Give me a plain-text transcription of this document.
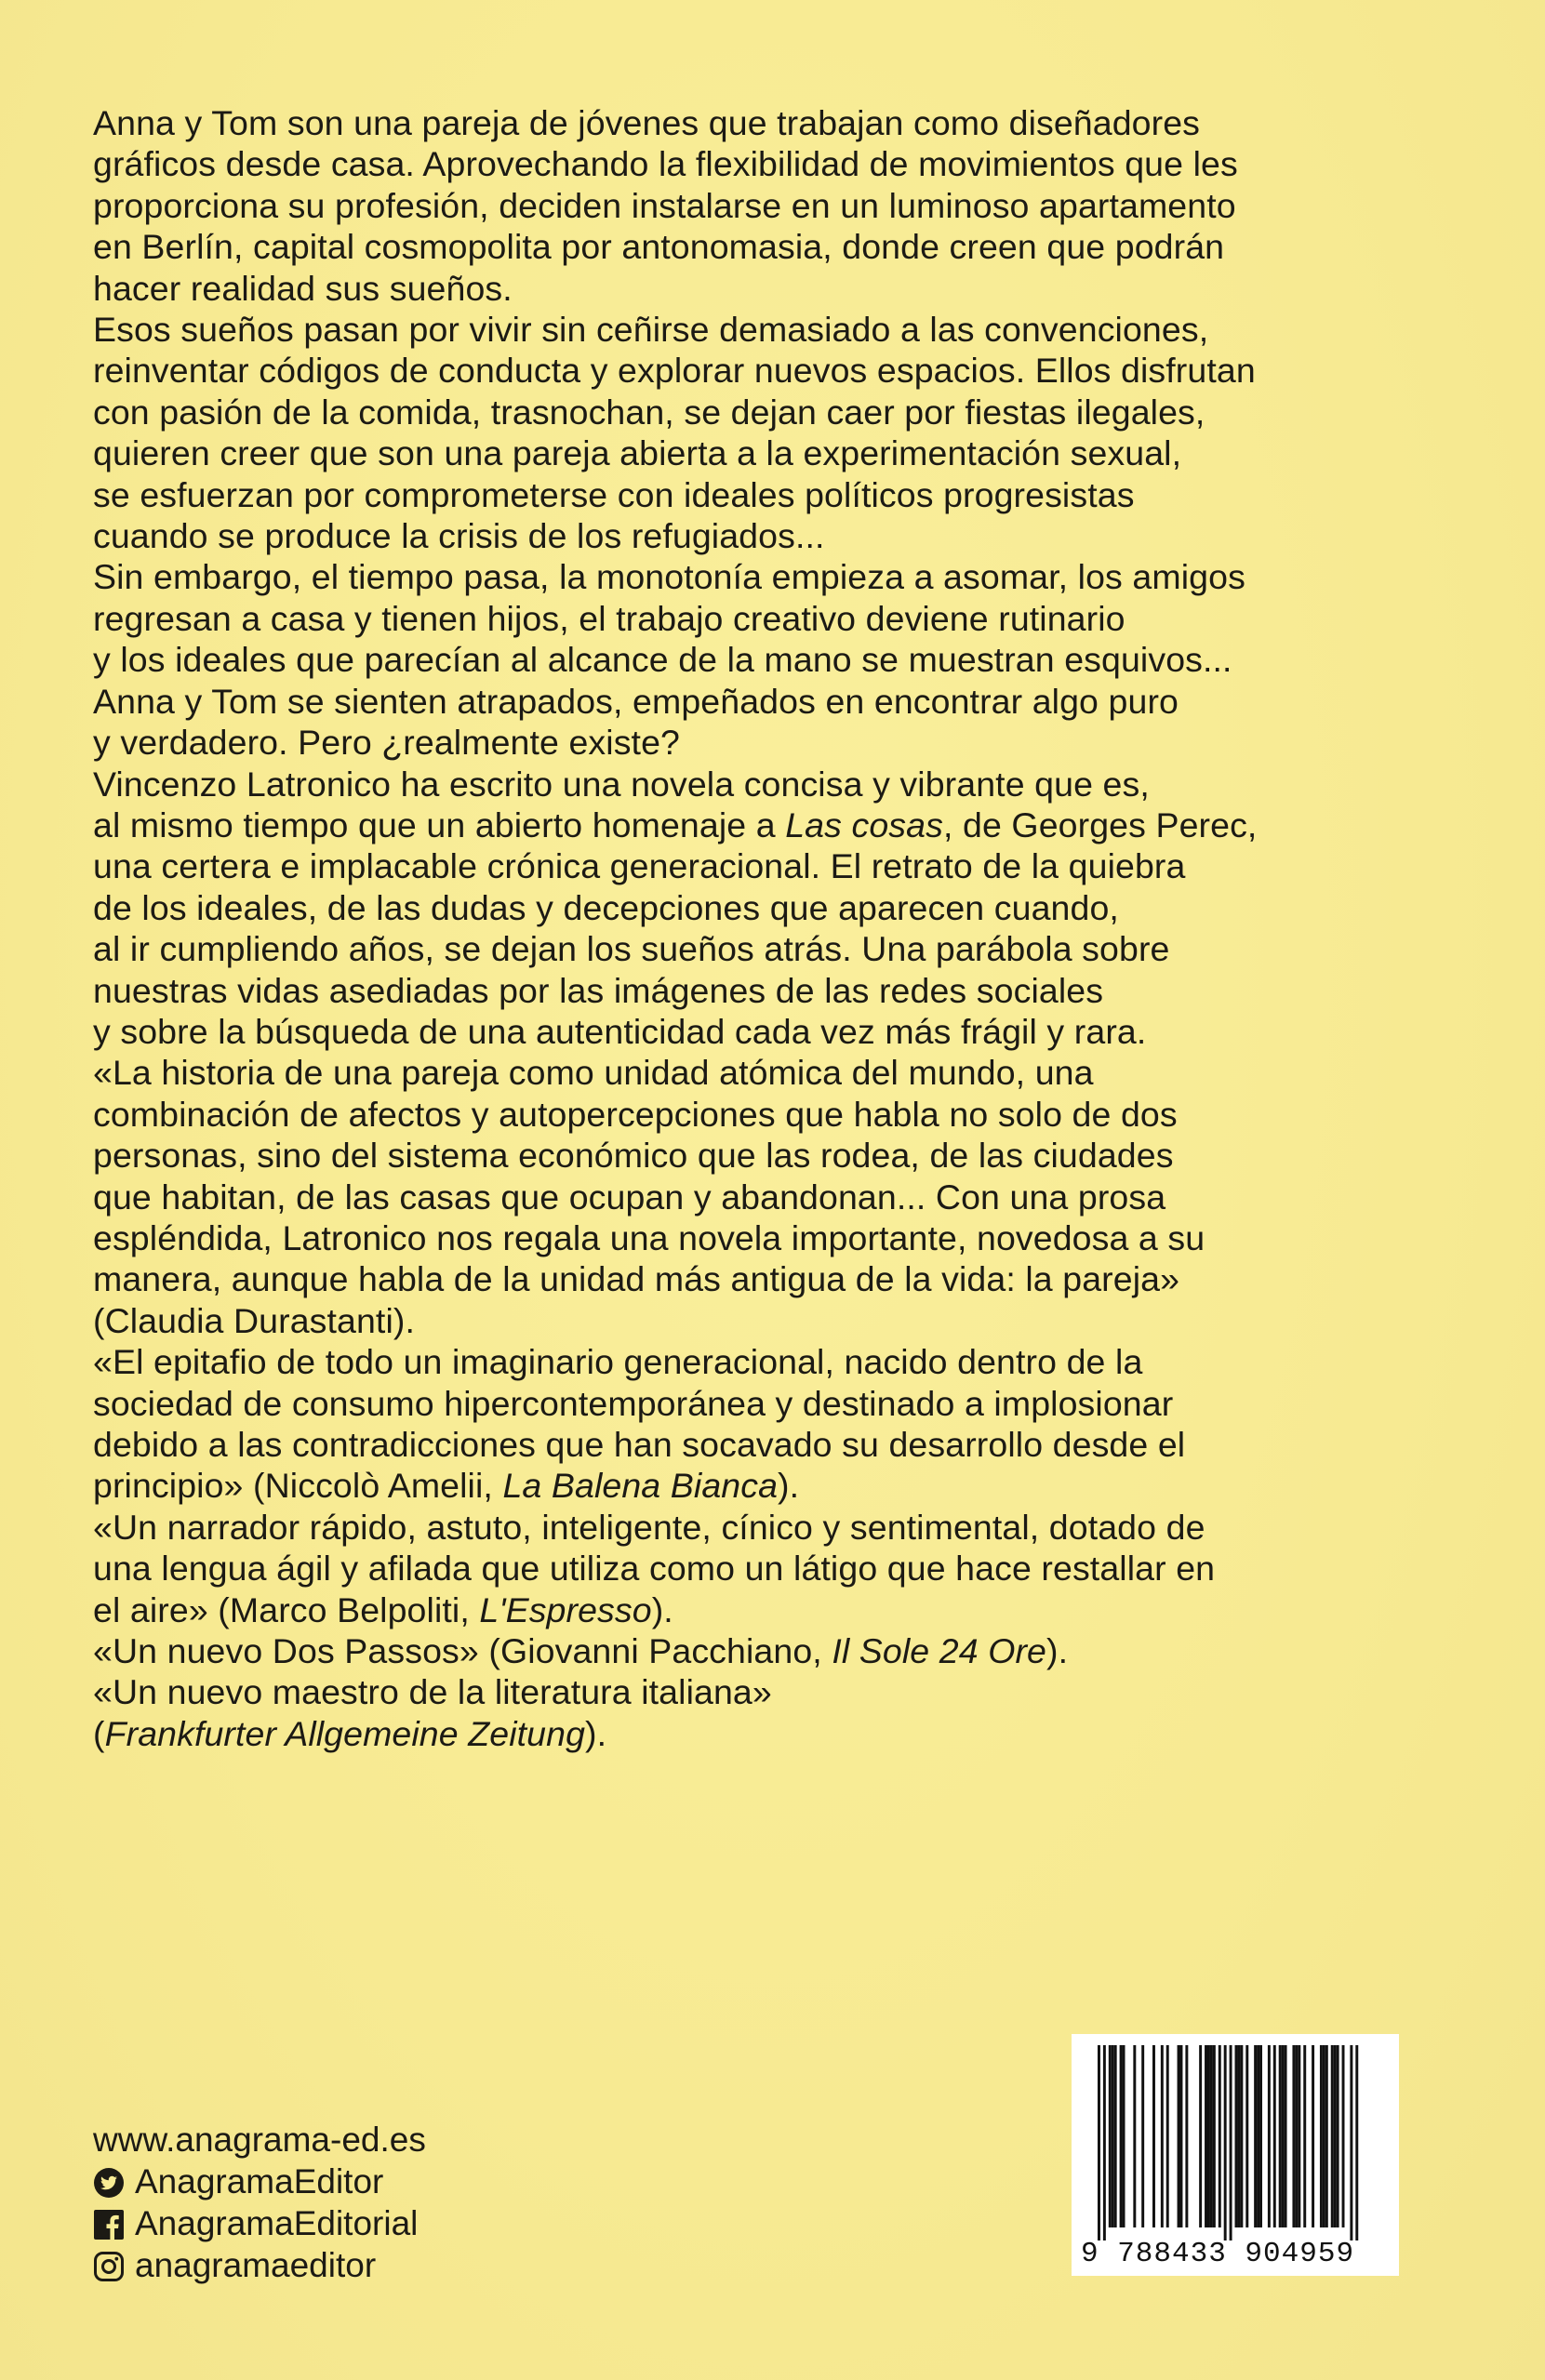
Anna y Tom son una pareja de jóvenes que trabajan como diseñadores
gráficos desde casa. Aprovechando la flexibilidad de movimientos que les
proporciona su profesión, deciden instalarse en un luminoso apartamento
en Berlín, capital cosmopolita por antonomasia, donde creen que podrán
hacer realidad sus sueños.

Esos sueños pasan por vivir sin ceñirse demasiado a las convenciones,
reinventar códigos de conducta y explorar nuevos espacios. Ellos disfrutan
con pasión de la comida, trasnochan, se dejan caer por fiestas ilegales,
quieren creer que son una pareja abierta a la experimentación sexual,
se esfuerzan por comprometerse con ideales políticos progresistas
cuando se produce la crisis de los refugiados...

Sin embargo, el tiempo pasa, la monotonía empieza a asomar, los amigos
regresan a casa y tienen hijos, el trabajo creativo deviene rutinario
y los ideales que parecían al alcance de la mano se muestran esquivos...
Anna y Tom se sienten atrapados, empeñados en encontrar algo puro
y verdadero. Pero ¿realmente existe?

Vincenzo Latronico ha escrito una novela concisa y vibrante que es,
al mismo tiempo que un abierto homenaje a Las cosas, de Georges Perec,
una certera e implacable crónica generacional. El retrato de la quiebra
de los ideales, de las dudas y decepciones que aparecen cuando,
al ir cumpliendo años, se dejan los sueños atrás. Una parábola sobre
nuestras vidas asediadas por las imágenes de las redes sociales
y sobre la búsqueda de una autenticidad cada vez más frágil y rara.

«La historia de una pareja como unidad atómica del mundo, una
combinación de afectos y autopercepciones que habla no solo de dos
personas, sino del sistema económico que las rodea, de las ciudades
que habitan, de las casas que ocupan y abandonan... Con una prosa
espléndida, Latronico nos regala una novela importante, novedosa a su
manera, aunque habla de la unidad más antigua de la vida: la pareja»
(Claudia Durastanti).

«El epitafio de todo un imaginario generacional, nacido dentro de la
sociedad de consumo hipercontemporánea y destinado a implosionar
debido a las contradicciones que han socavado su desarrollo desde el
principio» (Niccolò Amelii, La Balena Bianca).

«Un narrador rápido, astuto, inteligente, cínico y sentimental, dotado de
una lengua ágil y afilada que utiliza como un látigo que hace restallar en
el aire» (Marco Belpoliti, L'Espresso).

«Un nuevo Dos Passos» (Giovanni Pacchiano, Il Sole 24 Ore).

«Un nuevo maestro de la literatura italiana»
(Frankfurter Allgemeine Zeitung).

www.anagrama-ed.es
AnagramaEditor
AnagramaEditorial
anagramaeditor	9 788433 904959
